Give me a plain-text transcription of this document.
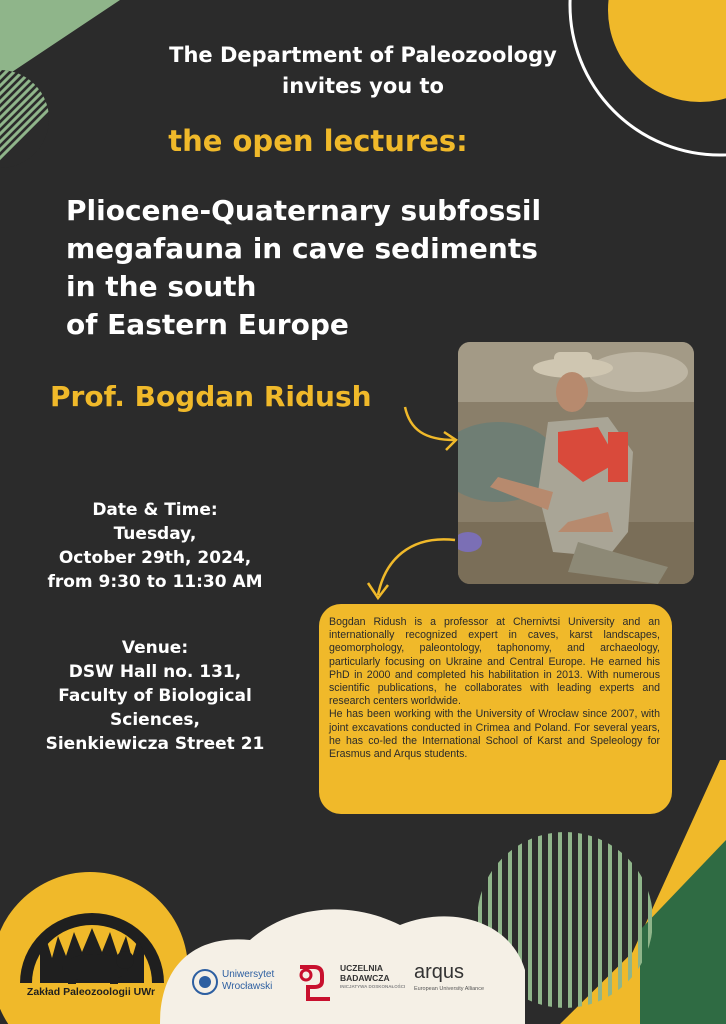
The Department of Paleozoology
invites you to
the open lectures:
Pliocene-Quaternary subfossil
megafauna in cave sediments
in the south
of Eastern Europe
Prof. Bogdan Ridush
Date & Time:
Tuesday,
October 29th, 2024,
from 9:30 to 11:30 AM
Venue:
DSW Hall no. 131,
Faculty of Biological
Sciences,
Sienkiewicza Street 21

Bogdan Ridush is a professor at Chernivtsi University and an internationally recognized expert in caves, karst landscapes, geomorphology, paleontology, taphonomy, and archaeology, particularly focusing on Ukraine and Central Europe. He earned his PhD in 2000 and completed his habilitation in 2013. With numerous scientific publications, he collaborates with leading experts and research centers worldwide.

He has been working with the University of Wrocław since 2007, with joint excavations conducted in Crimea and Poland. For several years, he has co-led the International School of Karst and Speleology for Erasmus and Arqus students.

Zakład Paleozoologii UWr
Uniwersytet
Wrocławski
UCZELNIA
BADAWCZA
INICJATYWA DOSKONAŁOŚCI
arqus
European University Alliance
